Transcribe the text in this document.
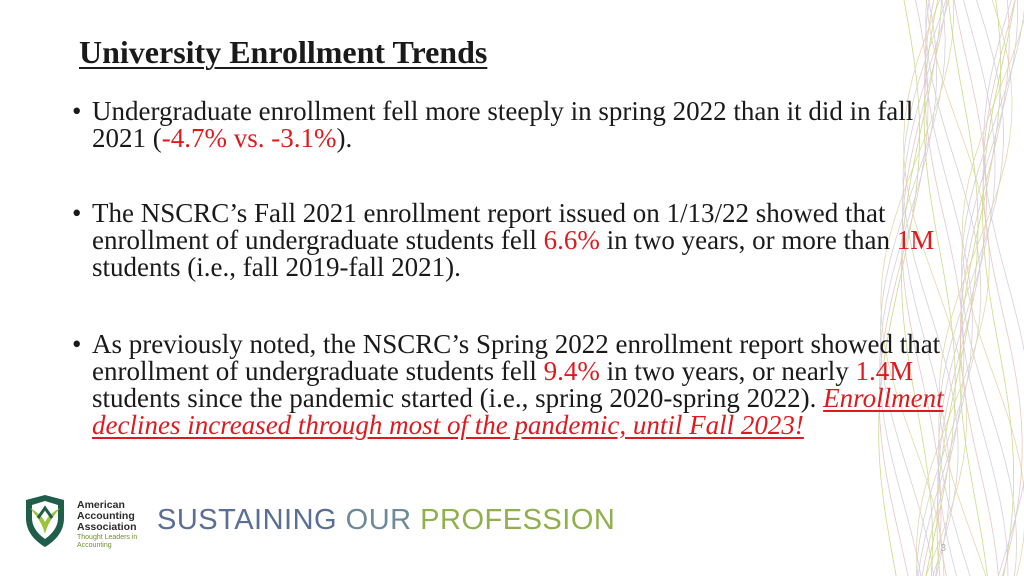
University Enrollment Trends
• Undergraduate enrollment fell more steeply in spring 2022 than it did in fall 2021 (-4.7% vs. -3.1%).
• The NSCRC’s Fall 2021 enrollment report issued on 1/13/22 showed that enrollment of undergraduate students fell 6.6% in two years, or more than 1M students (i.e., fall 2019-fall 2021).
• As previously noted, the NSCRC’s Spring 2022 enrollment report showed that enrollment of undergraduate students fell 9.4% in two years, or nearly 1.4M students since the pandemic started (i.e., spring 2020-spring 2022). Enrollment declines increased through most of the pandemic, until Fall 2023!
American
Accounting
Association
Thought Leaders in
Accounting
SUSTAINING OUR PROFESSION
3
